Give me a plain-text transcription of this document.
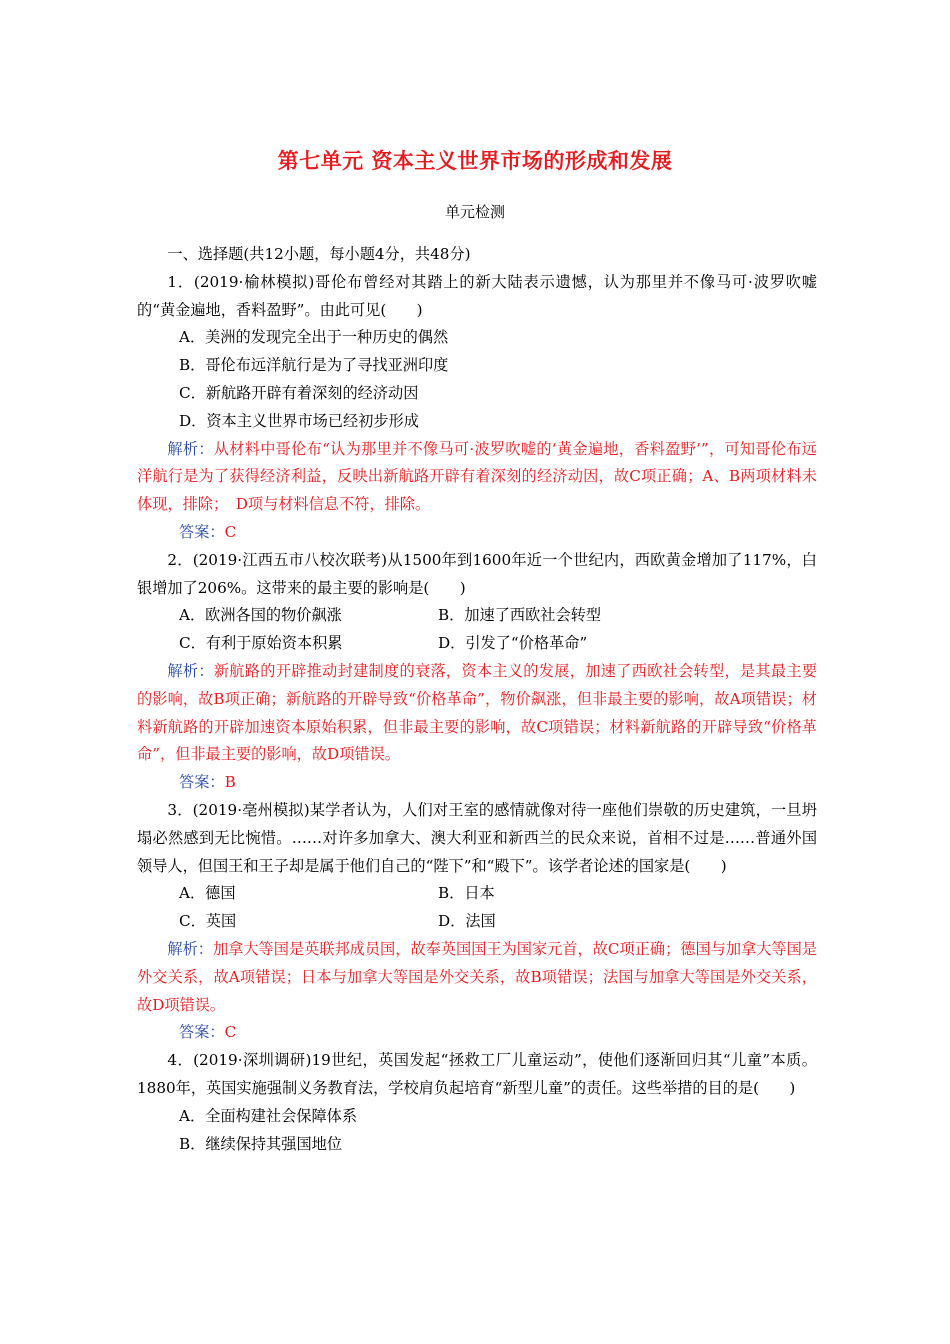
第七单元 资本主义世界市场的形成和发展
单元检测

一、选择题(共12小题，每小题4分，共48分)

1．(2019·榆林模拟)哥伦布曾经对其踏上的新大陆表示遗憾，认为那里并不像马可·波罗吹嘘的“黄金遍地，香料盈野”。由此可见(　　)

A．美洲的发现完全出于一种历史的偶然

B．哥伦布远洋航行是为了寻找亚洲印度

C．新航路开辟有着深刻的经济动因

D．资本主义世界市场已经初步形成

解析：从材料中哥伦布“认为那里并不像马可·波罗吹嘘的‘黄金遍地，香料盈野’”，可知哥伦布远洋航行是为了获得经济利益，反映出新航路开辟有着深刻的经济动因，故C项正确；A、B两项材料未体现，排除；　D项与材料信息不符，排除。

答案：C

2．(2019·江西五市八校次联考)从1500年到1600年近一个世纪内，西欧黄金增加了117%，白银增加了206%。这带来的最主要的影响是(　　)

A．欧洲各国的物价飙涨	B．加速了西欧社会转型
C．有利于原始资本积累	D．引发了“价格革命”

解析：新航路的开辟推动封建制度的衰落，资本主义的发展，加速了西欧社会转型，是其最主要的影响，故B项正确；新航路的开辟导致“价格革命”，物价飙涨，但非最主要的影响，故A项错误；材料新航路的开辟加速资本原始积累，但非最主要的影响，故C项错误；材料新航路的开辟导致“价格革命”，但非最主要的影响，故D项错误。

答案：B

3．(2019·亳州模拟)某学者认为，人们对王室的感情就像对待一座他们崇敬的历史建筑，一旦坍塌必然感到无比惋惜。……对许多加拿大、澳大利亚和新西兰的民众来说，首相不过是……普通外国领导人，但国王和王子却是属于他们自己的“陛下”和“殿下”。该学者论述的国家是(　　)

A．德国	B．日本
C．英国	D．法国

解析：加拿大等国是英联邦成员国，故奉英国国王为国家元首，故C项正确；德国与加拿大等国是外交关系，故A项错误；日本与加拿大等国是外交关系，故B项错误；法国与加拿大等国是外交关系，故D项错误。

答案：C

4．(2019·深圳调研)19世纪，英国发起“拯救工厂儿童运动”，使他们逐渐回归其“儿童”本质。1880年，英国实施强制义务教育法，学校肩负起培育“新型儿童”的责任。这些举措的目的是(　　)

A．全面构建社会保障体系

B．继续保持其强国地位
